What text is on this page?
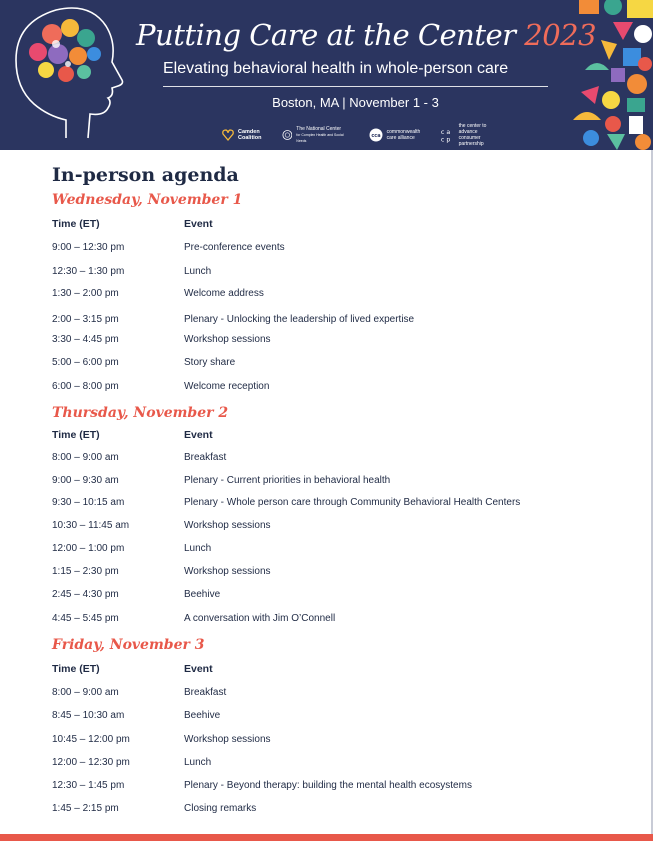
Putting Care at the Center 2023
Elevating behavioral health in whole-person care
Boston, MA | November 1 - 3
Camden
Coalition
The National Center
for Complex Health and Social Needs
cca
commonwealth
care alliance
c a
c p
the center to advance
consumer partnership
In-person agenda
Wednesday, November 1
Time (ET)	Event
9:00 – 12:30 pm	Pre-conference events
12:30 – 1:30 pm	Lunch
1:30 – 2:00 pm	Welcome address
2:00 – 3:15 pm	Plenary - Unlocking the leadership of lived expertise
3:30 – 4:45 pm	Workshop sessions
5:00 – 6:00 pm	Story share
6:00 – 8:00 pm	Welcome reception
Thursday, November 2
Time (ET)	Event
8:00 – 9:00 am	Breakfast
9:00 – 9:30 am	Plenary - Current priorities in behavioral health
9:30 – 10:15 am	Plenary - Whole person care through Community Behavioral Health Centers
10:30 – 11:45 am	Workshop sessions
12:00 – 1:00 pm	Lunch
1:15 – 2:30 pm	Workshop sessions
2:45 – 4:30 pm	Beehive
4:45 – 5:45 pm	A conversation with Jim O’Connell
Friday, November 3
Time (ET)	Event
8:00 – 9:00 am	Breakfast
8:45 – 10:30 am	Beehive
10:45 – 12:00 pm	Workshop sessions
12:00 – 12:30 pm	Lunch
12:30 – 1:45 pm	Plenary - Beyond therapy: building the mental health ecosystems
1:45 – 2:15 pm	Closing remarks
